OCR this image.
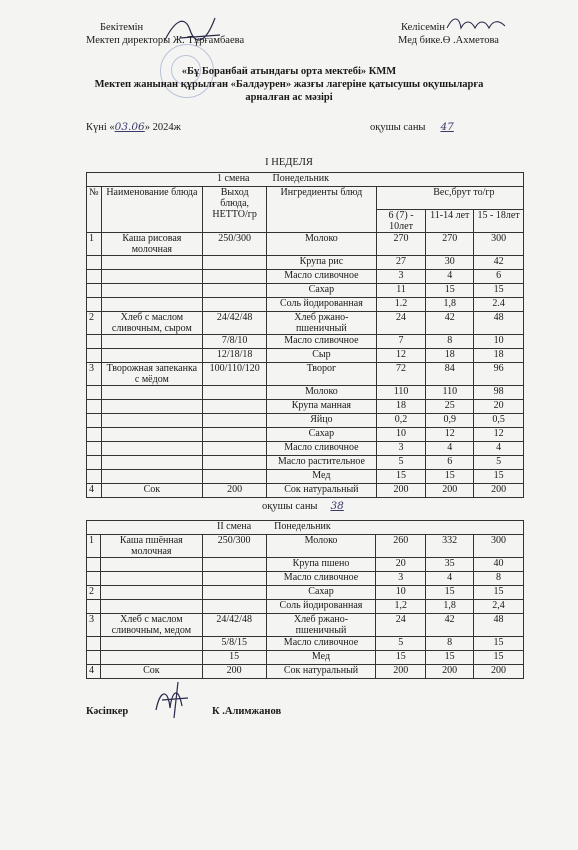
Бекітемін
Мектеп директоры Ж. Тұрғамбаева
Келісемін
Мед бике.Ө .Ахметова
«Бұ Боранбай атындағы орта мектебі» КММ
Мектеп жанынан құрылған «Балдәурен» жазғы лагеріне қатысушы оқушыларға
арналған ас мәзірі
Күні «03.06» 2024ж	оқушы саны 47
I НЕДЕЛЯ
1 смена Понедельник						
№	Наименование блюда	Выход блюда, НЕТТО/гр	Ингредиенты блюд	Вес,брут то/гр		
				6 (7) - 10лет	11-14 лет	15 - 18лет
1	Каша рисовая молочная	250/300	Молоко	270	270	300
			Крупа рис	27	30	42
			Масло сливочное	3	4	6
			Сахар	11	15	15
			Соль йодированная	1.2	1,8	2.4
2	Хлеб с маслом сливочным, сыром	24/42/48	Хлеб ржано-пшеничный	24	42	48
		7/8/10	Масло сливочное	7	8	10
		12/18/18	Сыр	12	18	18
3	Творожная запеканка с мёдом	100/110/120	Творог	72	84	96
			Молоко	110	110	98
			Крупа манная	18	25	20
			Яйцо	0,2	0,9	0,5
			Сахар	10	12	12
			Масло сливочное	3	4	4
			Масло растительное	5	6	5
			Мед	15	15	15
4	Сок	200	Сок натуральный	200	200	200
оқушы саны 38
II смена Понедельник						
1	Каша пшённая молочная	250/300	Молоко	260	332	300
			Крупа пшено	20	35	40
			Масло сливочное	3	4	8
2			Сахар	10	15	15
			Соль йодированная	1,2	1,8	2,4
3	Хлеб с маслом сливочным, медом	24/42/48	Хлеб ржано-пшеничный	24	42	48
		5/8/15	Масло сливочное	5	8	15
		15	Мед	15	15	15
4	Сок	200	Сок натуральный	200	200	200
Кәсіпкер	К .Алимжанов
